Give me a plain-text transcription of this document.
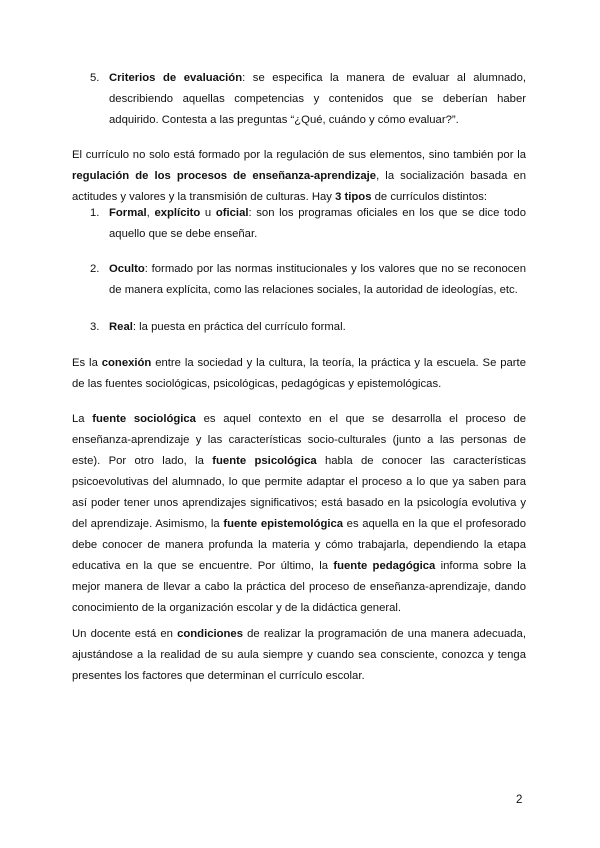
5. Criterios de evaluación: se especifica la manera de evaluar al alumnado, describiendo aquellas competencias y contenidos que se deberían haber adquirido. Contesta a las preguntas “¿Qué, cuándo y cómo evaluar?”.
El currículo no solo está formado por la regulación de sus elementos, sino también por la regulación de los procesos de enseñanza-aprendizaje, la socialización basada en actitudes y valores y la transmisión de culturas. Hay 3 tipos de currículos distintos:
1. Formal, explícito u oficial: son los programas oficiales en los que se dice todo aquello que se debe enseñar.
2. Oculto: formado por las normas institucionales y los valores que no se reconocen de manera explícita, como las relaciones sociales, la autoridad de ideologías, etc.
3. Real: la puesta en práctica del currículo formal.
Es la conexión entre la sociedad y la cultura, la teoría, la práctica y la escuela. Se parte de las fuentes sociológicas, psicológicas, pedagógicas y epistemológicas.
La fuente sociológica es aquel contexto en el que se desarrolla el proceso de enseñanza-aprendizaje y las características socio-culturales (junto a las personas de este). Por otro lado, la fuente psicológica habla de conocer las características psicoevolutivas del alumnado, lo que permite adaptar el proceso a lo que ya saben para así poder tener unos aprendizajes significativos; está basado en la psicología evolutiva y del aprendizaje. Asimismo, la fuente epistemológica es aquella en la que el profesorado debe conocer de manera profunda la materia y cómo trabajarla, dependiendo la etapa educativa en la que se encuentre. Por último, la fuente pedagógica informa sobre la mejor manera de llevar a cabo la práctica del proceso de enseñanza-aprendizaje, dando conocimiento de la organización escolar y de la didáctica general.
Un docente está en condiciones de realizar la programación de una manera adecuada, ajustándose a la realidad de su aula siempre y cuando sea consciente, conozca y tenga presentes los factores que determinan el currículo escolar.
2
